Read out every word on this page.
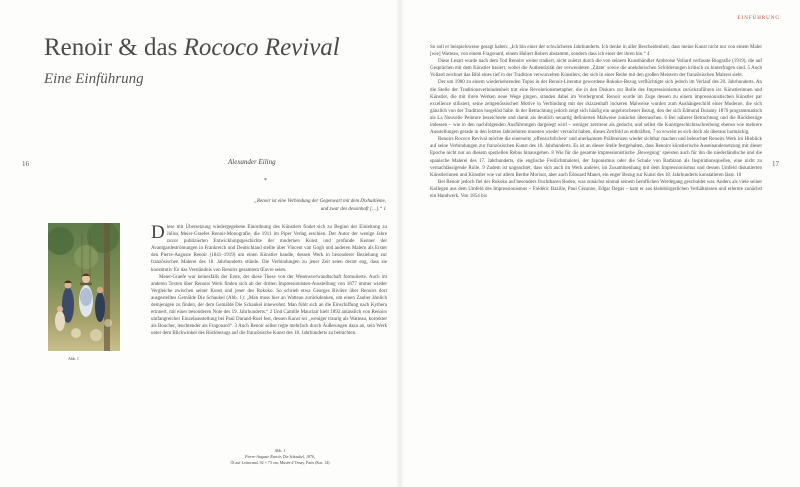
Renoir & das Rococo Revival
Eine Einführung
16	Alexander Eiling
*
„Renoir ist eine Verbindung der Gegenwart mit dem Dixhuitième,
und zwar des dessinhaft […].“ 1
Abb. 1

Diese mit Übersetzung wiedergegebene Einordnung des Künstlers findet sich zu Beginn der Einleitung zu Julius Meier-Graefes Renoir-Monografie, die 1911 im Piper Verlag erschien. Der Autor der wenige Jahre zuvor publizierten Entwicklungsgeschichte der modernen Kunst und profunde Kenner der Avantgardeströmungen in Frankreich und Deutschland stellte über Vincent van Gogh und anderen Malern als Erster den Pierre-Auguste Renoir (1841–1919) um einen Künstler handle, dessen Werk in besonderer Beziehung zur französischen Malerei des 18. Jahrhunderts stünde. Die Verbindungen zu jener Zeit seien derart eng, dass sie konstitutiv für das Verständnis von Renoirs gesamtem Œuvre seien.

Meier-Graefe war keinesfalls der Erste, der diese These von der Wesensverwandtschaft formulierte. Auch im anderen Texten über Renoirs Werk finden sich ab der dritten Impressionisten-Ausstellung von 1877 immer wieder Vergleiche zwischen seiner Kunst und jener des Rokoko. So schrieb etwa Georges Rivière über Renoirs dort ausgestelltes Gemälde Die Schaukel (Abb. 1): „Man muss hier an Watteau zurückdenken, um einen Zauber ähnlich demjenigen zu finden, der dem Gemälde Die Schaukel innewohnt. Man fühlt sich an die Einschiffung nach Kythera erinnert, mit einer besonderen Note des 19. Jahrhunderts.“ 2 Und Camille Mauclair hielt 1892 anlässlich von Renoirs umfangreicher Einzelausstellung bei Paul Durand-Ruel fest, dessen Kunst sei „weniger traurig als Watteau, korrekter als Boucher, leuchtender als Fragonard“. 3 Auch Renoir selbst regte mehrfach durch Äußerungen dazu an, sein Werk unter dem Blickwinkel des Rückbezugs auf die französische Kunst des 18. Jahrhunderts zu betrachten.

Abb. 1
Pierre-Auguste Renoir, Die Schaukel, 1876,
Öl auf Leinwand, 92 × 73 cm, Musée d’Orsay, Paris (Kat. 14)
EINFÜHRUNG
17

So soll er beispielsweise gesagt haben: „Ich bin einer der schwächeren Jahrhunderts. Ich denke in aller Bescheidenheit, dass meine Kunst nicht nur von einem Maler [wie] Watteau, von einem Fragonard, einem Hubert Robert abstammt, sondern dass ich einer der ihren bin.“ 4

Diese Lesart wurde nach dem Tod Renoirs weiter tradiert, nicht zuletzt durch die von seinem Kunsthändler Ambroise Vollard verfasste Biografie (1919), die auf Gesprächen mit dem Künstler basiert, wobei die Authentizität der verwendeten ‚Zitate‘ sowie die anekdotischen Schilderungen kritisch zu hinterfragen sind. 5 Auch Vollard zeichnet das Bild eines tief in der Tradition verwurzelten Künstlers, der sich in einer Reihe mit den großen Meistern der französischen Malerei sieht.

Der um 1900 zu einem wiederkehrenden Topos in der Renoir-Literatur gewordene Rokoko-Bezug verflüchtigte sich jedoch im Verlauf des 20. Jahrhunderts. An die Stelle der Traditionsverbundenheit trat eine Revolutionsmetapher, die in den Diskurs zur Rolle des Impressionismus zurückzuführen ist. Künstlerinnen und Künstler, die mit ihren Werken neue Wege gingen, standen dabei im Vordergrund. Renoir wurde im Zuge dessen zu einem impressionistischen Künstler par excellence stilisiert, seine zeitgenössischen Motive in Verbindung mit der skizzenhaft lockeren Malweise wurden zum Aushängeschild einer Moderne, die sich gänzlich von der Tradition losgelöst habe. In der Betrachtung jedoch zeigt sich häufig ein ungebrochener Bezug, den der sich Edmond Duranty 1876 programmatisch als La Nouvelle Peinture bezeichnete und damit als deutlich neuartig definierten Malweise zunächst überraschen. 6 Bei näherer Betrachtung und die Rückbezüge indessen – wie in den nachfolgenden Ausführungen dargelegt wird – weniger zerstreut als gedacht, und selbst die Kunstgeschichtsschreibung ebenso wie mehrere Ausstellungen gerade in den letzten Jahrzehnten mussten wieder versucht haben, dieses Zerrbild zu entkräften, 7 so erweist es sich doch als überaus hartnäckig.

Renoirs Rococo Revival möchte die einerseits ‚offensichtlichen‘ und anerkannten Präferenzen wieder sichtbar machen und beleuchtet Renoirs Werk im Hinblick auf seine Verbindungen zur französischen Kunst des 18. Jahrhunderts. Es ist an dieser Stelle festgehalten, dass Renoirs künstlerische Auseinandersetzung mit dieser Epoche nicht nur an diesem speziellen Rebus hinausgehen. 8 Wie für die gesamte impressionistische ‚Bewegung‘ speisten auch für ihn die niederländische und die spanische Malerei des 17. Jahrhunderts, die englische Freilichtmalerei, der Japonismus oder die Schule von Barbizon als Inspirationsquellen, eine nicht zu vernachlässigende Rolle. 9 Zudem ist ungeachtet, dass sich auch im Werk anderer, im Zusammenhang mit dem Impressionismus und dessen Umfeld diskutierten Künstlerinnen und Künstler wie vor allem Berthe Morisot, aber auch Édouard Manet, ein enger Bezug zur Kunst des 18. Jahrhunderts konstatieren lässt. 10

Bei Renoir jedoch fiel der Rokoko auf besonders fruchtbaren Boden, was zunächst einmal seinem beruflichen Werdegang geschuldet war. Anders als viele seiner Kollegen aus dem Umfeld des Impressionismus – Frédéric Bazille, Paul Cézanne, Edgar Degas – kam er aus kleinbürgerlichen Verhältnissen und erlernte zunächst ein Handwerk. Von 1854 bis
